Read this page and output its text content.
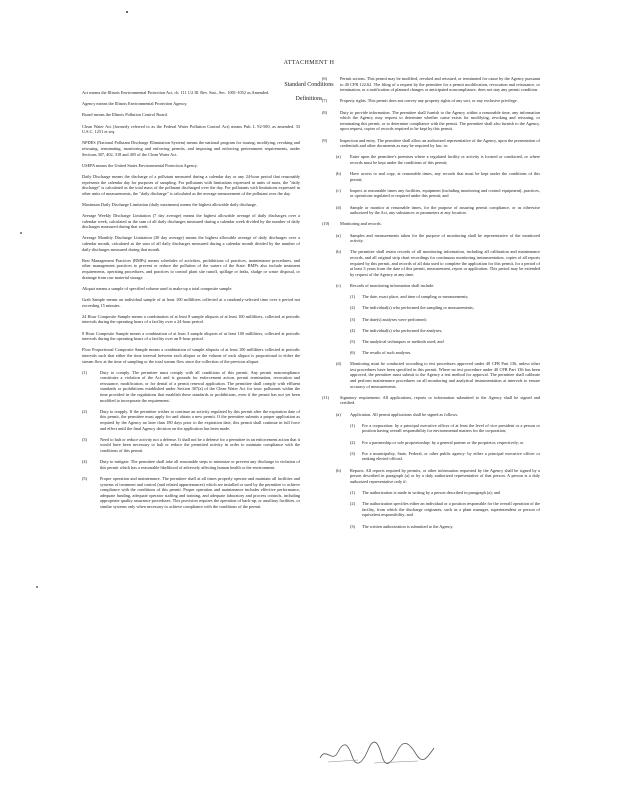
ATTACHMENT H
Standard Conditions
Definitions
Act means the Illinois Environmental Protection Act, ch. 111 1/2 Ill. Rev. Stat., Sec. 1001-1052 as Amended.
Agency means the Illinois Environmental Protection Agency.
Board means the Illinois Pollution Control Board.
Clean Water Act (formerly referred to as the Federal Water Pollution Control Act) means Pub. L 92-500, as amended. 33 U.S.C. 1251 et seq.
NPDES (National Pollutant Discharge Elimination System) means the national program for issuing, modifying, revoking and reissuing, terminating, monitoring and enforcing permits, and imposing and enforcing pretreatment requirements, under Sections 307, 402, 318 and 405 of the Clean Water Act.
USEPA means the United States Environmental Protection Agency.
Daily Discharge means the discharge of a pollutant measured during a calendar day or any 24-hour period that reasonably represents the calendar day for purposes of sampling. For pollutants with limitations expressed in units of mass, the "daily discharge" is calculated as the total mass of the pollutant discharged over the day. For pollutants with limitations expressed in other units of measurements, the "daily discharge" is calculated as the average measurement of the pollutant over the day.
Maximum Daily Discharge Limitation (daily maximum) means the highest allowable daily discharge.
Average Weekly Discharge Limitation (7 day average) means the highest allowable average of daily discharges over a calendar week, calculated as the sum of all daily discharges measured during a calendar week divided by the number of daily discharges measured during that week.
Average Monthly Discharge Limitation (30 day average) means the highest allowable average of daily discharges over a calendar month, calculated as the sum of all daily discharges measured during a calendar month divided by the number of daily discharges measured during that month.
Best Management Practices (BMPs) means schedules of activities, prohibitions of practices, maintenance procedures, and other management practices to prevent or reduce the pollution of the waters of the State. BMPs also include treatment requirements, operating procedures, and practices to control plant site runoff, spillage or leaks, sludge or waste disposal, or drainage from raw material storage.
Aliquot means a sample of specified volume used to make up a total composite sample.
Grab Sample means an individual sample of at least 100 milliliters collected at a randomly-selected time over a period not exceeding 15 minutes.
24 Hour Composite Sample means a combination of at least 8 sample aliquots of at least 100 milliliters, collected at periodic intervals during the operating hours of a facility over a 24-hour period.
8 Hour Composite Sample means a combination of at least 3 sample aliquots of at least 100 milliliters, collected at periodic intervals during the operating hours of a facility over an 8-hour period.
Flow Proportional Composite Sample means a combination of sample aliquots of at least 100 milliliters collected at periodic intervals such that either the time interval between each aliquot or the volume of each aliquot is proportional to either the stream flow at the time of sampling or the total stream flow since the collection of the previous aliquot.
(1)	Duty to comply. The permittee must comply with all conditions of this permit. Any permit noncompliance constitutes a violation of the Act and is grounds for enforcement action, permit termination, revocation and reissuance, modification, or for denial of a permit renewal application. The permittee shall comply with effluent standards or prohibitions established under Section 307(a) of the Clean Water Act for toxic pollutants within the time provided in the regulations that establish these standards or prohibitions, even if the permit has not yet been modified to incorporate the requirement.
(2)	Duty to reapply. If the permittee wishes to continue an activity regulated by this permit after the expiration date of this permit, the permittee must apply for and obtain a new permit. If the permittee submits a proper application as required by the Agency no later than 180 days prior to the expiration date, this permit shall continue in full force and effect until the final Agency decision on the application has been made.
(3)	Need to halt or reduce activity not a defense. It shall not be a defense for a permittee in an enforcement action that it would have been necessary to halt or reduce the permitted activity in order to maintain compliance with the conditions of this permit.
(4)	Duty to mitigate. The permittee shall take all reasonable steps to minimize or prevent any discharge in violation of this permit which has a reasonable likelihood of adversely affecting human health or the environment.
(5)	Proper operation and maintenance. The permittee shall at all times properly operate and maintain all facilities and systems of treatment and control (and related appurtenances) which are installed or used by the permittee to achieve compliance with the conditions of this permit. Proper operation and maintenance includes effective performance, adequate funding, adequate operator staffing and training, and adequate laboratory and process controls, including appropriate quality assurance procedures. This provision requires the operation of back-up, or auxiliary facilities, or similar systems only when necessary to achieve compliance with the conditions of the permit.
(6)	Permit actions. This permit may be modified, revoked and reissued, or terminated for cause by the Agency pursuant to 40 CFR 122.62. The filing of a request by the permittee for a permit modification, revocation and reissuance, or termination, or a notification of planned changes or anticipated noncompliance, does not stay any permit condition.
(7)	Property rights. This permit does not convey any property rights of any sort, or any exclusive privilege.
(8)	Duty to provide information. The permittee shall furnish to the Agency within a reasonable time, any information which the Agency may request to determine whether cause exists for modifying, revoking and reissuing, or terminating this permit, or to determine compliance with the permit. The permittee shall also furnish to the Agency, upon request, copies of records required to be kept by this permit.
(9)	Inspection and entry. The permittee shall allow an authorized representative of the Agency, upon the presentation of credentials and other documents as may be required by law, to:
(a)	Enter upon the permittee's premises where a regulated facility or activity is located or conducted, or where records must be kept under the conditions of this permit;
(b)	Have access to and copy, at reasonable times, any records that must be kept under the conditions of this permit;
(c)	Inspect at reasonable times any facilities, equipment (including monitoring and control equipment), practices, or operations regulated or required under this permit; and
(d)	Sample or monitor at reasonable times, for the purpose of assuring permit compliance, or as otherwise authorized by the Act, any substances or parameters at any location.
(10)	Monitoring and records.
(a)	Samples and measurements taken for the purpose of monitoring shall be representative of the monitored activity.
(b)	The permittee shall retain records of all monitoring information, including all calibration and maintenance records, and all original strip chart recordings for continuous monitoring instrumentation, copies of all reports required by this permit, and records of all data used to complete the application for this permit, for a period of at least 3 years from the date of this permit, measurement, report or application. This period may be extended by request of the Agency at any time.
(c)	Records of monitoring information shall include:
(1)	The date, exact place, and time of sampling or measurements;
(2)	The individual(s) who performed the sampling or measurements;
(3)	The date(s) analyses were performed;
(4)	The individual(s) who performed the analyses;
(5)	The analytical techniques or methods used; and
(6)	The results of such analyses.
(d)	Monitoring must be conducted according to test procedures approved under 40 CFR Part 136, unless other test procedures have been specified in this permit. Where no test procedure under 40 CFR Part 136 has been approved, the permittee must submit to the Agency a test method for approval. The permittee shall calibrate and perform maintenance procedures on all monitoring and analytical instrumentation at intervals to ensure accuracy of measurements.
(11)	Signatory requirement. All applications, reports or information submitted to the Agency shall be signed and certified.
(a)	Application. All permit applications shall be signed as follows:
(1)	For a corporation: by a principal executive officer of at least the level of vice president or a person or position having overall responsibility for environmental matters for the corporation;
(2)	For a partnership or sole proprietorship: by a general partner or the proprietor, respectively; or
(3)	For a municipality, State, Federal, or other public agency: by either a principal executive officer or ranking elected official.
(b)	Reports. All reports required by permits, or other information requested by the Agency shall be signed by a person described in paragraph (a) or by a duly authorized representative of that person. A person is a duly authorized representative only if:
(1)	The authorization is made in writing by a person described in paragraph (a); and
(2)	The authorization specifies either an individual or a position responsible for the overall operation of the facility, from which the discharge originates, such as a plant manager, superintendent or person of equivalent responsibility; and
(3)	The written authorization is submitted to the Agency.
